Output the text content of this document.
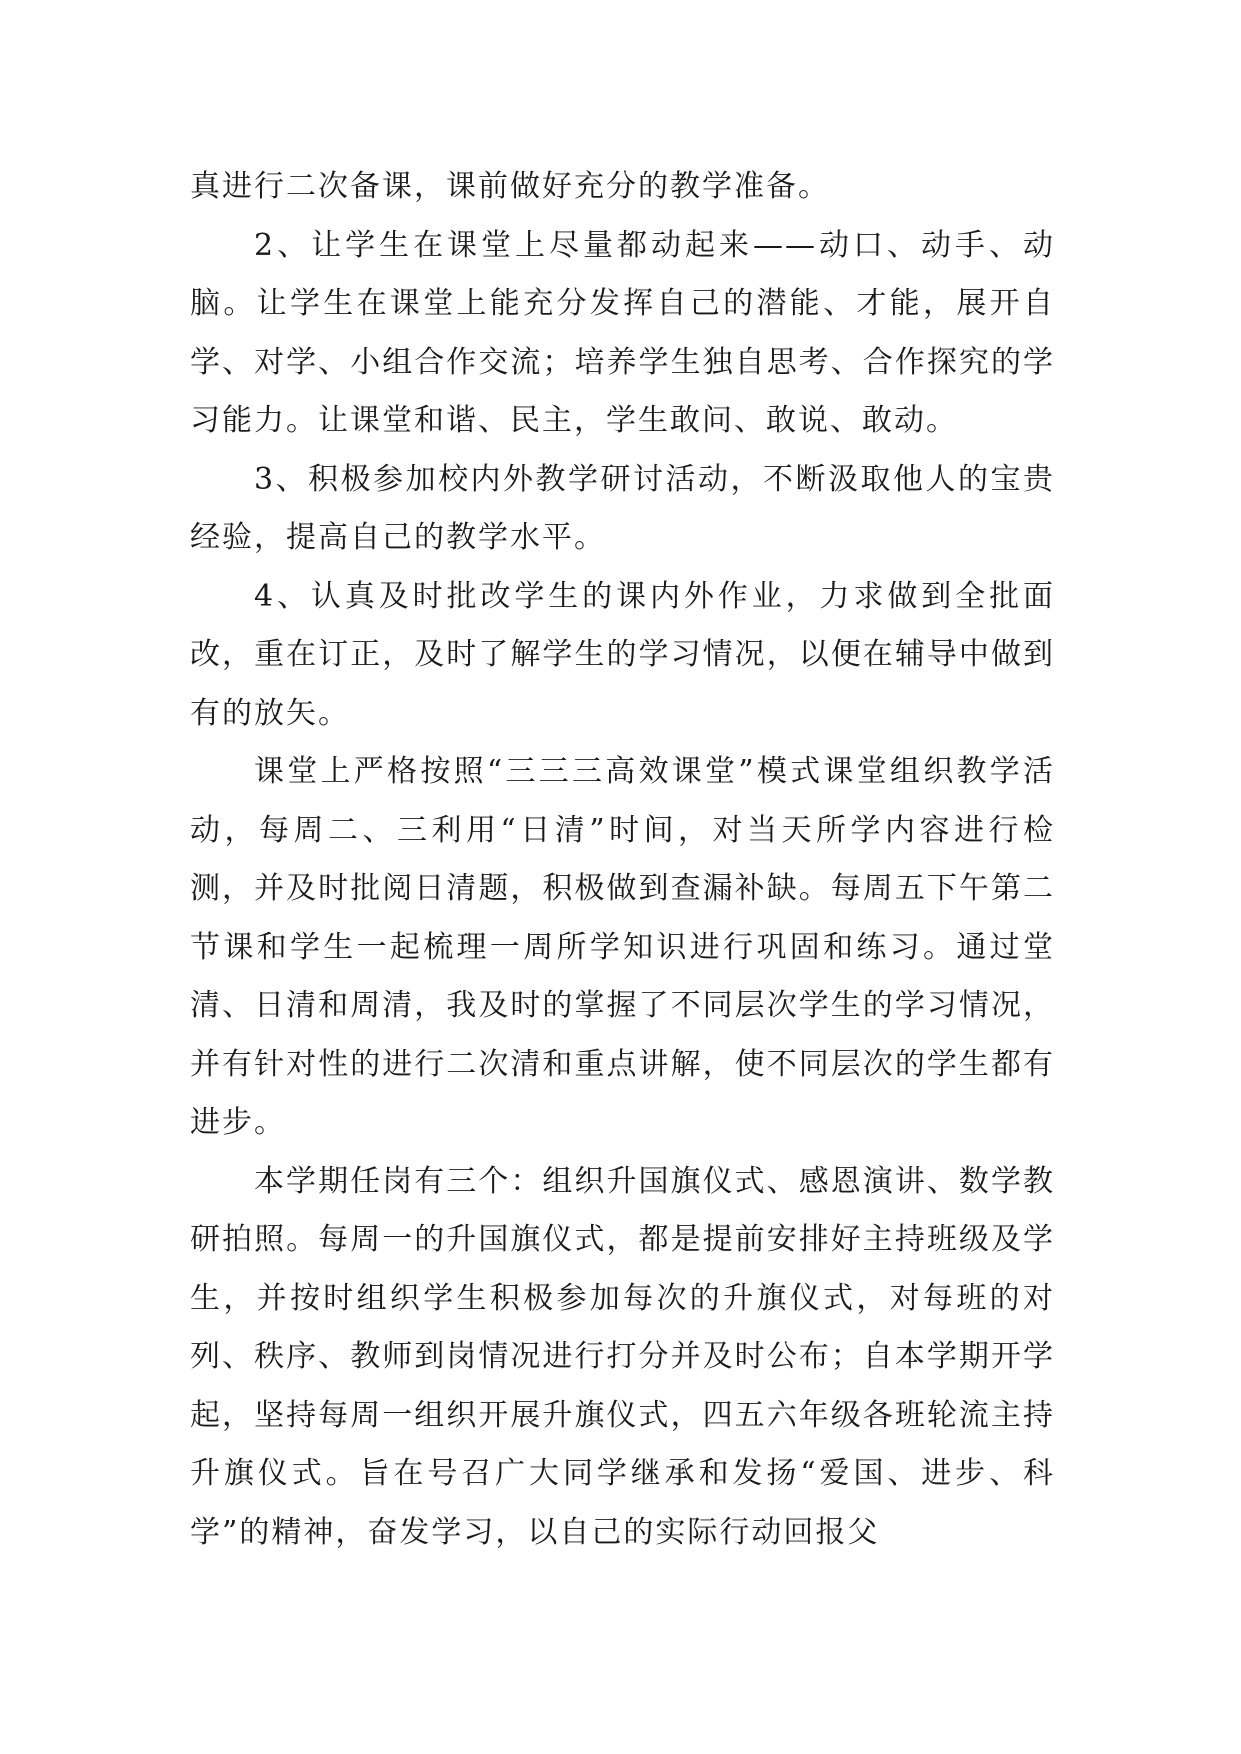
真进行二次备课，课前做好充分的教学准备。

2、让学生在课堂上尽量都动起来——动口、动手、动脑。让学生在课堂上能充分发挥自己的潜能、才能，展开自学、对学、小组合作交流；培养学生独自思考、合作探究的学习能力。让课堂和谐、民主，学生敢问、敢说、敢动。

3、积极参加校内外教学研讨活动，不断汲取他人的宝贵经验，提高自己的教学水平。

4、认真及时批改学生的课内外作业，力求做到全批面改，重在订正，及时了解学生的学习情况，以便在辅导中做到有的放矢。

课堂上严格按照“三三三高效课堂”模式课堂组织教学活动，每周二、三利用“日清”时间，对当天所学内容进行检测，并及时批阅日清题，积极做到查漏补缺。每周五下午第二节课和学生一起梳理一周所学知识进行巩固和练习。通过堂清、日清和周清，我及时的掌握了不同层次学生的学习情况，并有针对性的进行二次清和重点讲解，使不同层次的学生都有进步。

本学期任岗有三个：组织升国旗仪式、感恩演讲、数学教研拍照。每周一的升国旗仪式，都是提前安排好主持班级及学生，并按时组织学生积极参加每次的升旗仪式，对每班的对列、秩序、教师到岗情况进行打分并及时公布；自本学期开学起，坚持每周一组织开展升旗仪式，四五六年级各班轮流主持升旗仪式。旨在号召广大同学继承和发扬“爱国、进步、科学”的精神，奋发学习，以自己的实际行动回报父
